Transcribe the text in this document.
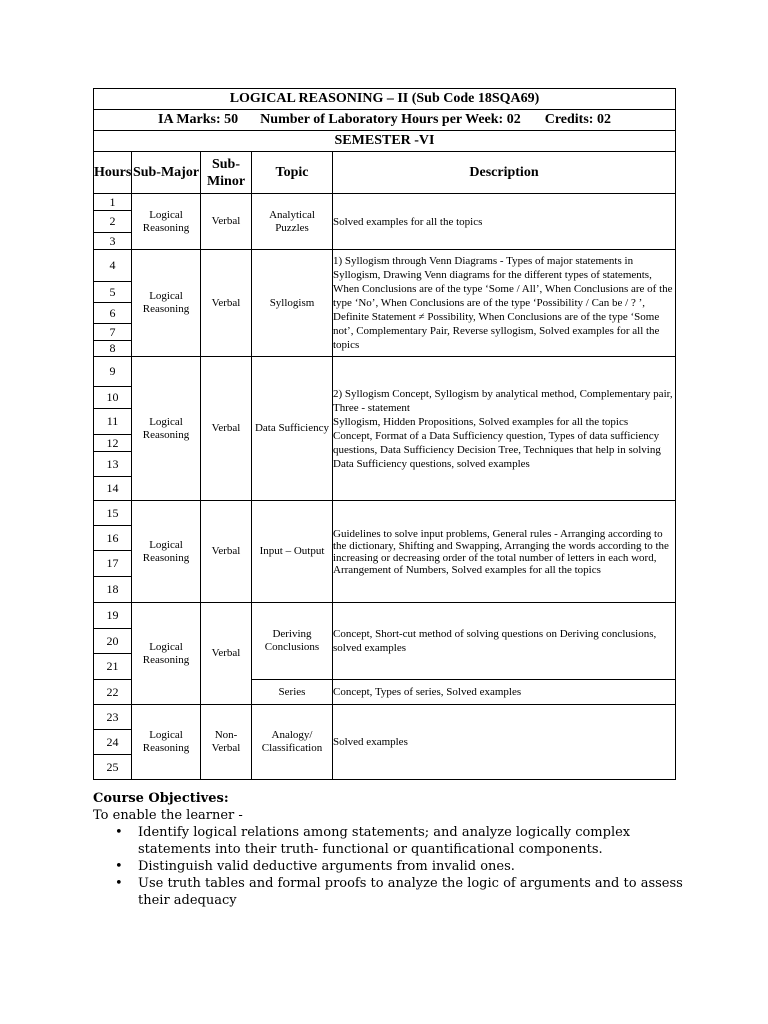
LOGICAL REASONING – II (Sub Code 18SQA69)				
IA Marks: 50 Number of Laboratory Hours per Week: 02 Credits: 02				
SEMESTER -VI				
Hours	Sub-Major	Sub-Minor	Topic	Description
1	Logical Reasoning	Verbal	Analytical Puzzles	Solved examples for all the topics

2				
3				
4	Logical Reasoning	Verbal	Syllogism	1) Syllogism through Venn Diagrams - Types of major statements in Syllogism, Drawing Venn diagrams for the different types of statements, When Conclusions are of the type ‘Some / All’, When Conclusions are of the type ‘No’, When Conclusions are of the type ‘Possibility / Can be / ? ’, Definite Statement ≠ Possibility, When Conclusions are of the type ‘Some not’, Complementary Pair, Reverse syllogism, Solved examples for all the topics

5				
6				
7				
8				
9	Logical Reasoning	Verbal	Data Sufficiency	2) Syllogism Concept, Syllogism by analytical method, Complementary pair, Three - statement

Syllogism, Hidden Propositions, Solved examples for all the topics

Concept, Format of a Data Sufficiency question, Types of data sufficiency questions, Data Sufficiency Decision Tree, Techniques that help in solving Data Sufficiency questions, solved examples

10				
11				
12				
13				
14				
15	Logical Reasoning	Verbal	Input – Output	Guidelines to solve input problems, General rules - Arranging according to the dictionary, Shifting and Swapping, Arranging the words according to the increasing or decreasing order of the total number of letters in each word, Arrangement of Numbers, Solved examples for all the topics

16				
17				
18				
19	Logical Reasoning	Verbal	Deriving Conclusions	Concept, Short-cut method of solving questions on Deriving conclusions, solved examples

20				
21				
22			Series	Concept, Types of series, Solved examples

23	Logical Reasoning	Non-Verbal	Analogy/ Classification	Solved examples

24				
25				

Course Objectives:

To enable the learner -

• Identify logical relations among statements; and analyze logically complex statements into their truth- functional or quantificational components.
• Distinguish valid deductive arguments from invalid ones.
• Use truth tables and formal proofs to analyze the logic of arguments and to assess their adequacy
